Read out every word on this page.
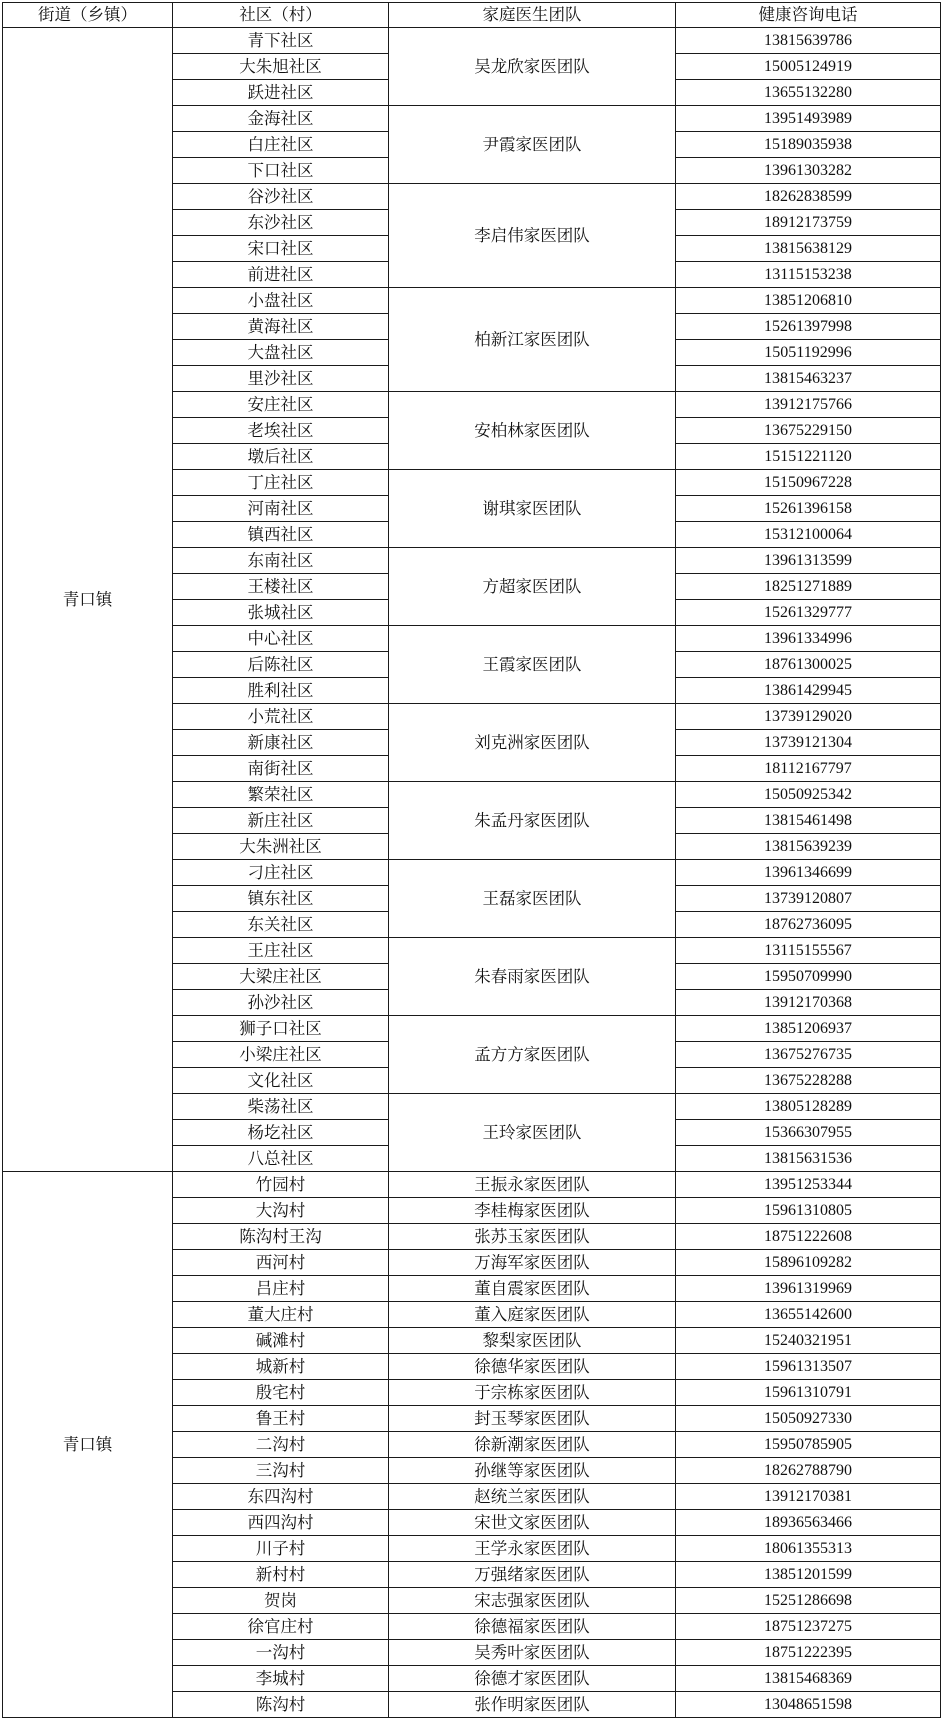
街道（乡镇）	社区（村）	家庭医生团队	健康咨询电话
青口镇	青下社区	吴龙欣家医团队	13815639786
	大朱旭社区		15005124919
	跃进社区		13655132280
	金海社区	尹霞家医团队	13951493989
	白庄社区		15189035938
	下口社区		13961303282
	谷沙社区	李启伟家医团队	18262838599
	东沙社区		18912173759
	宋口社区		13815638129
	前进社区		13115153238
	小盘社区	柏新江家医团队	13851206810
	黄海社区		15261397998
	大盘社区		15051192996
	里沙社区		13815463237
	安庄社区	安柏林家医团队	13912175766
	老埃社区		13675229150
	墩后社区		15151221120
	丁庄社区	谢琪家医团队	15150967228
	河南社区		15261396158
	镇西社区		15312100064
	东南社区	方超家医团队	13961313599
	王楼社区		18251271889
	张城社区		15261329777
	中心社区	王霞家医团队	13961334996
	后陈社区		18761300025
	胜利社区		13861429945
	小荒社区	刘克洲家医团队	13739129020
	新康社区		13739121304
	南街社区		18112167797
	繁荣社区	朱孟丹家医团队	15050925342
	新庄社区		13815461498
	大朱洲社区		13815639239
	刁庄社区	王磊家医团队	13961346699
	镇东社区		13739120807
	东关社区		18762736095
	王庄社区	朱春雨家医团队	13115155567
	大梁庄社区		15950709990
	孙沙社区		13912170368
	狮子口社区	孟方方家医团队	13851206937
	小梁庄社区		13675276735
	文化社区		13675228288
	柴荡社区	王玲家医团队	13805128289
	杨圪社区		15366307955
	八总社区		13815631536
青口镇	竹园村	王振永家医团队	13951253344
	大沟村	李桂梅家医团队	15961310805
	陈沟村王沟	张苏玉家医团队	18751222608
	西河村	万海军家医团队	15896109282
	吕庄村	董自震家医团队	13961319969
	董大庄村	董入庭家医团队	13655142600
	碱滩村	黎梨家医团队	15240321951
	城新村	徐德华家医团队	15961313507
	殷宅村	于宗栋家医团队	15961310791
	鲁王村	封玉琴家医团队	15050927330
	二沟村	徐新潮家医团队	15950785905
	三沟村	孙继等家医团队	18262788790
	东四沟村	赵统兰家医团队	13912170381
	西四沟村	宋世文家医团队	18936563466
	川子村	王学永家医团队	18061355313
	新村村	万强绪家医团队	13851201599
	贺岗	宋志强家医团队	15251286698
	徐官庄村	徐德福家医团队	18751237275
	一沟村	吴秀叶家医团队	18751222395
	李城村	徐德才家医团队	13815468369
	陈沟村	张作明家医团队	13048651598
